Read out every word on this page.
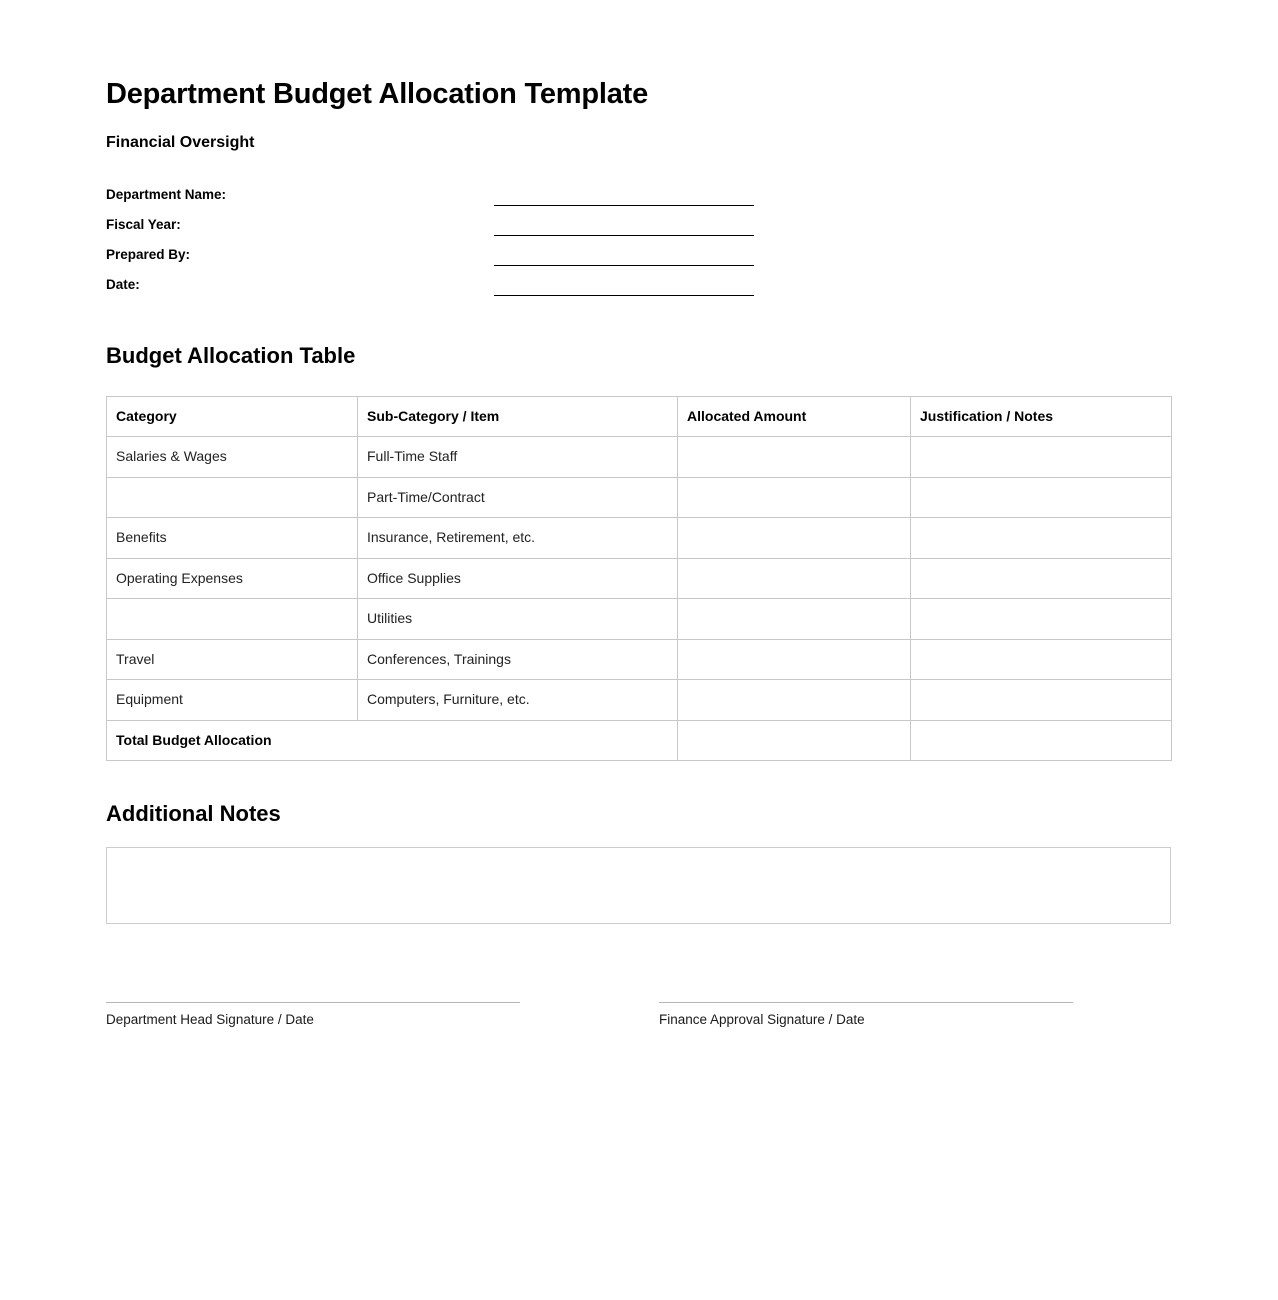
Department Budget Allocation Template
Financial Oversight
Department Name:
Fiscal Year:
Prepared By:
Date:
Budget Allocation Table
Category	Sub-Category / Item	Allocated Amount	Justification / Notes
Salaries & Wages	Full-Time Staff		
	Part-Time/Contract		
Benefits	Insurance, Retirement, etc.		
Operating Expenses	Office Supplies		
	Utilities		
Travel	Conferences, Trainings		
Equipment	Computers, Furniture, etc.		
Total Budget Allocation			
Additional Notes
Department Head Signature / Date	Finance Approval Signature / Date
